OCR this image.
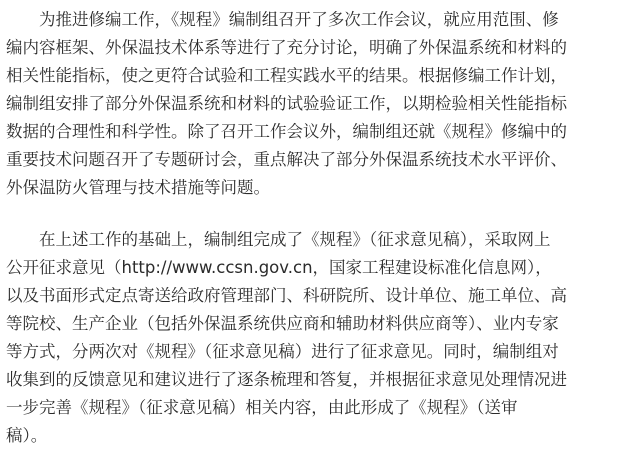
　　为推进修编工作，《规程》编制组召开了多次工作会议，就应用范围、修
编内容框架、外保温技术体系等进行了充分讨论，明确了外保温系统和材料的
相关性能指标，使之更符合试验和工程实践水平的结果。根据修编工作计划，
编制组安排了部分外保温系统和材料的试验验证工作，以期检验相关性能指标
数据的合理性和科学性。除了召开工作会议外，编制组还就《规程》修编中的
重要技术问题召开了专题研讨会，重点解决了部分外保温系统技术水平评价、
外保温防火管理与技术措施等问题。
　　在上述工作的基础上，编制组完成了《规程》（征求意见稿），采取网上
公开征求意见（http://www.ccsn.gov.cn，国家工程建设标准化信息网），
以及书面形式定点寄送给政府管理部门、科研院所、设计单位、施工单位、高
等院校、生产企业（包括外保温系统供应商和辅助材料供应商等）、业内专家
等方式，分两次对《规程》（征求意见稿）进行了征求意见。同时，编制组对
收集到的反馈意见和建议进行了逐条梳理和答复，并根据征求意见处理情况进
一步完善《规程》（征求意见稿）相关内容，由此形成了《规程》（送审
稿）。
